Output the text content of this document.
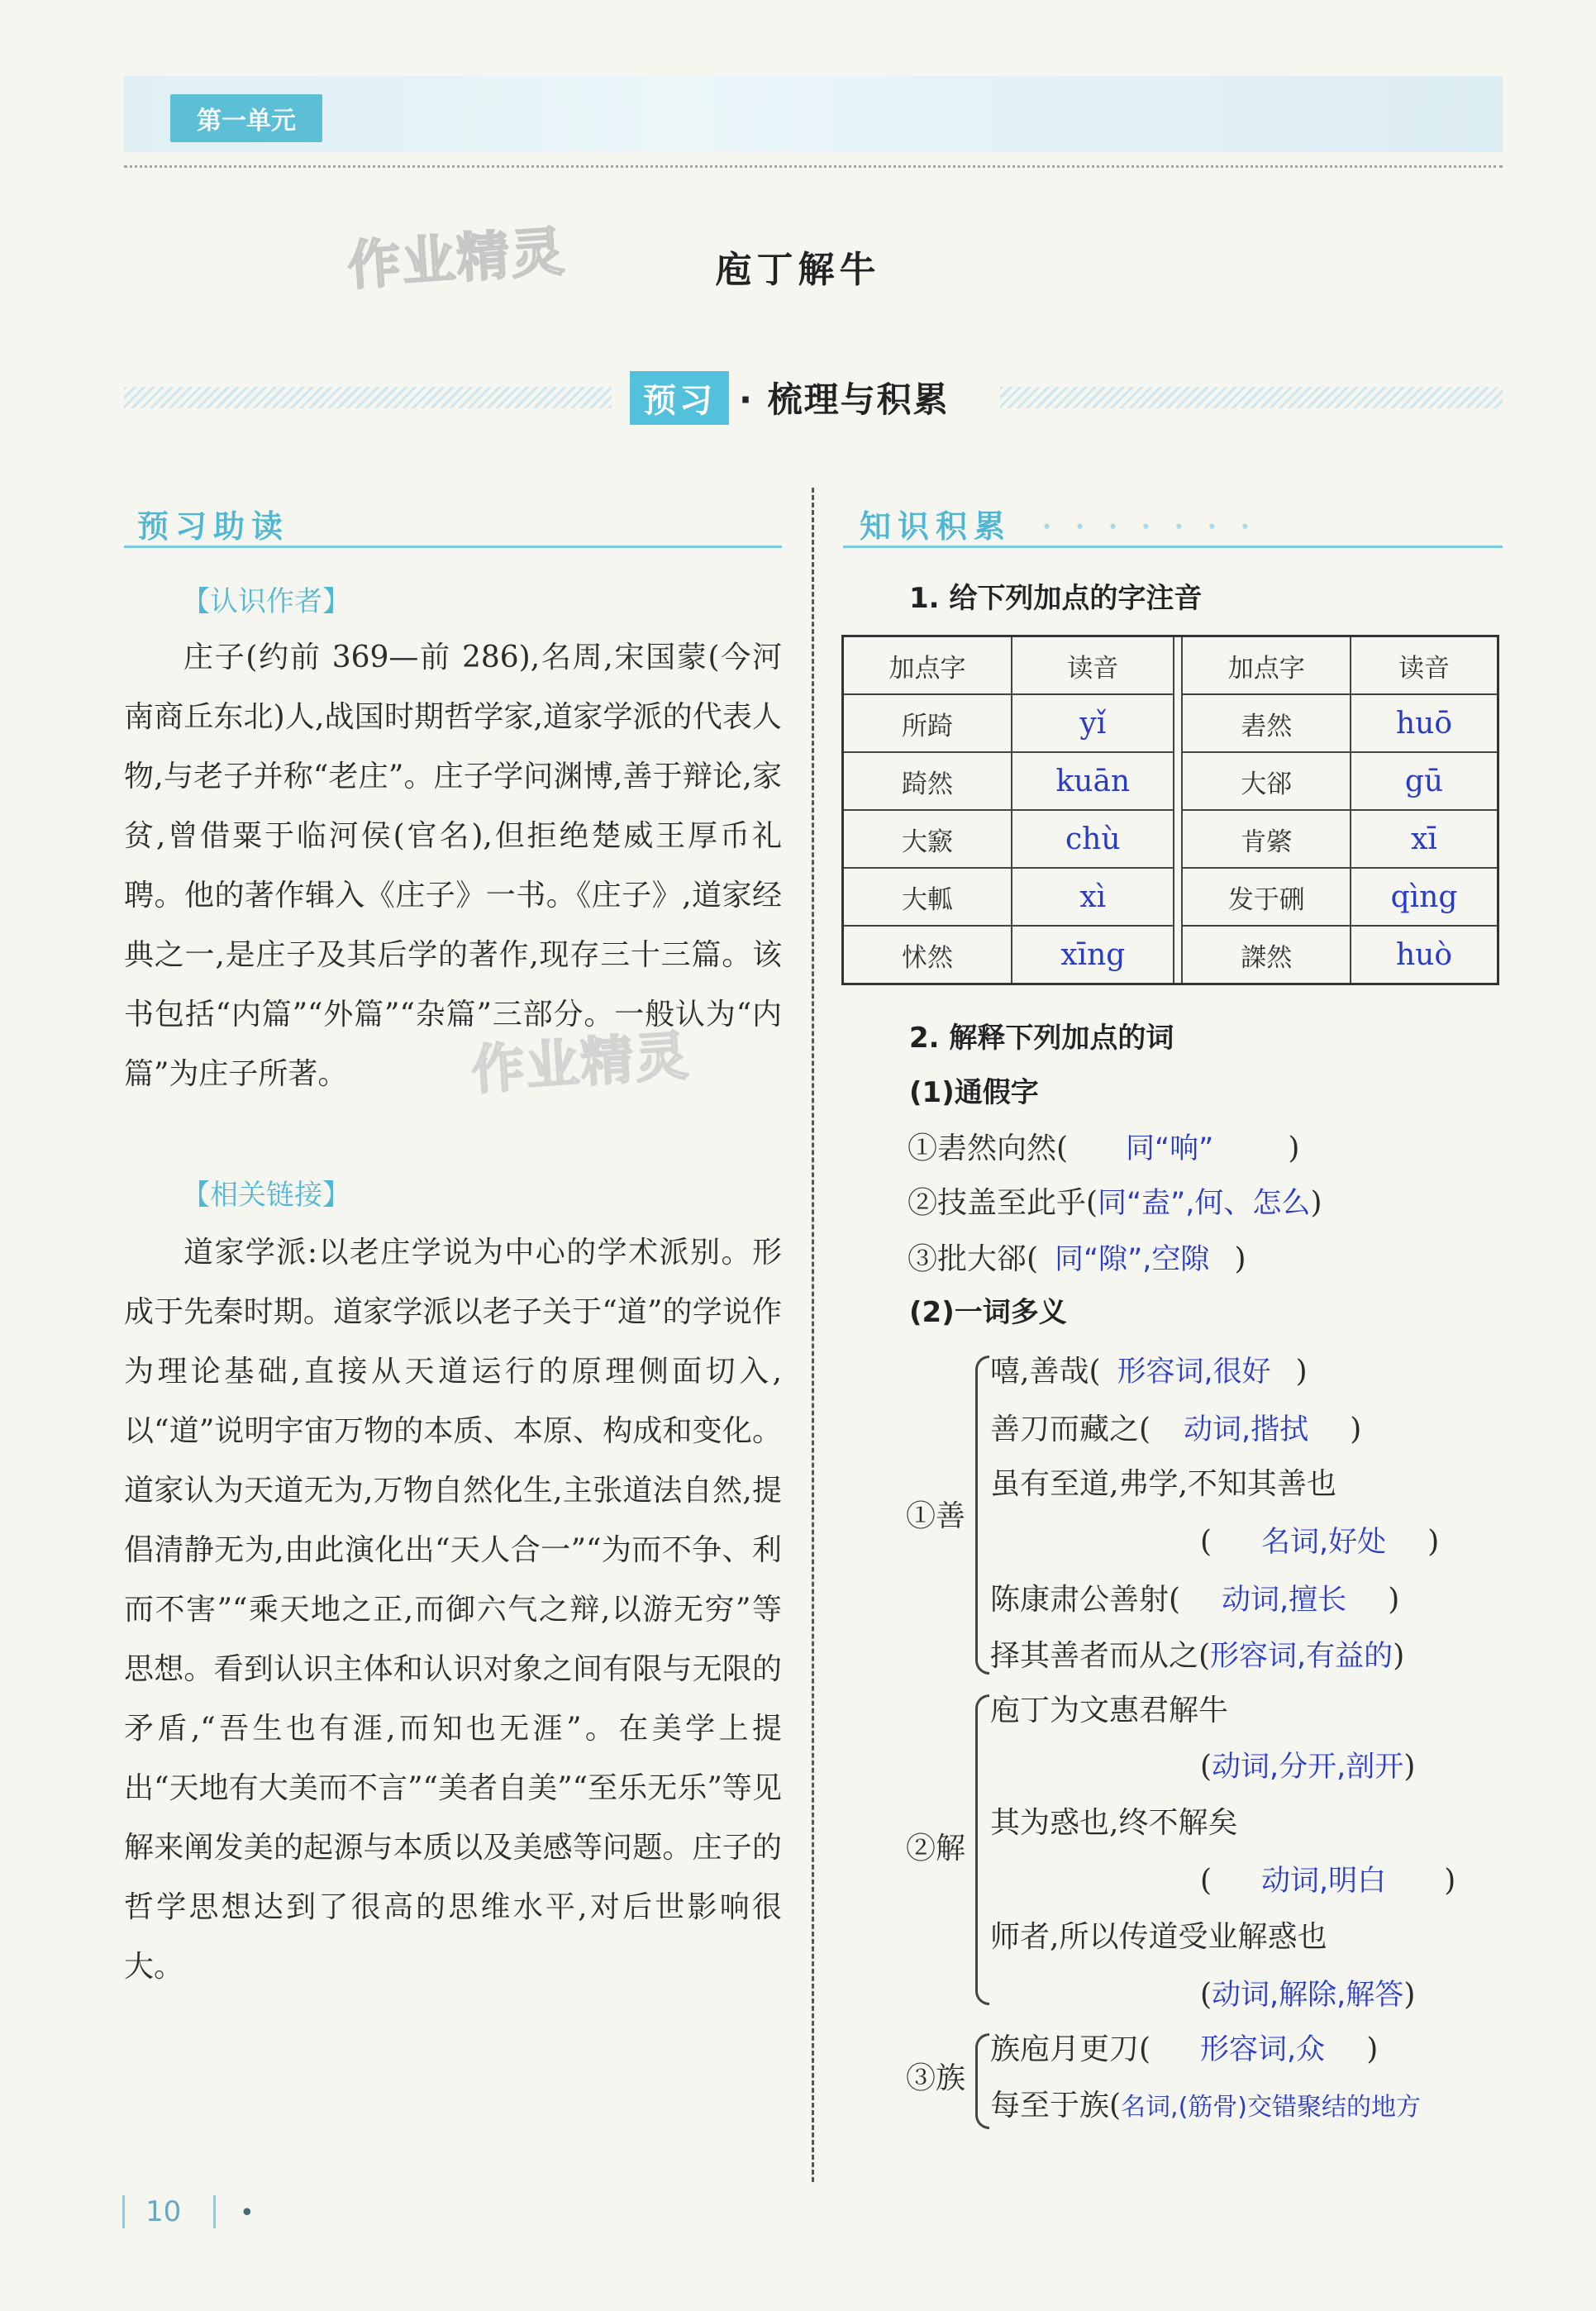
第一单元
作业精灵	庖丁解牛
预习 · 梳理与积累
预习助读	知识积累 • • • • • • •
【认识作者】
庄子(约前 369—前 286),名周,宋国蒙(今河南商丘东北)人,战国时期哲学家,道家学派的代表人物,与老子并称“老庄”。庄子学问渊博,善于辩论,家贫,曾借粟于临河侯(官名),但拒绝楚威王厚币礼聘。他的著作辑入《庄子》一书。《庄子》,道家经典之一,是庄子及其后学的著作,现存三十三篇。该书包括“内篇”“外篇”“杂篇”三部分。一般认为“内篇”为庄子所著。	作业精灵
【相关链接】
道家学派:以老庄学说为中心的学术派别。形成于先秦时期。道家学派以老子关于“道”的学说作为理论基础,直接从天道运行的原理侧面切入,以“道”说明宇宙万物的本质、本原、构成和变化。道家认为天道无为,万物自然化生,主张道法自然,提倡清静无为,由此演化出“天人合一”“为而不争、利而不害”“乘天地之正,而御六气之辩,以游无穷”等思想。看到认识主体和认识对象之间有限与无限的矛盾,“吾生也有涯,而知也无涯”。在美学上提出“天地有大美而不言”“美者自美”“至乐无乐”等见解来阐发美的起源与本质以及美感等问题。庄子的哲学思想达到了很高的思维水平,对后世影响很大。
1. 给下列加点的字注音
加点字	读音		加点字	读音
所踦	yǐ		砉然	huō
踦然	kuān		大郤	gū
大窾	chù		肯綮	xī
大軱	xì		发于硎	qìng
怵然	xīng		謋然	huò
2. 解释下列加点的词
(1)通假字
①砉然向然( 同“响”	)
②技盖至此乎(同“盍”,何、怎么)
③批大郤( 同“隙”,空隙 )
(2)一词多义
①善
嘻,善哉( 形容词,很好 )
善刀而藏之( 动词,揩拭 )
虽有至道,弗学,不知其善也
( 名词,好处 )
陈康肃公善射( 动词,擅长 )
择其善者而从之(形容词,有益的)
②解
庖丁为文惠君解牛
(动词,分开,剖开)
其为惑也,终不解矣
( 动词,明白 )
师者,所以传道受业解惑也
(动词,解除,解答)
③族
族庖月更刀( 形容词,众 )
每至于族(名词,(筋骨)交错聚结的地方
10 •
